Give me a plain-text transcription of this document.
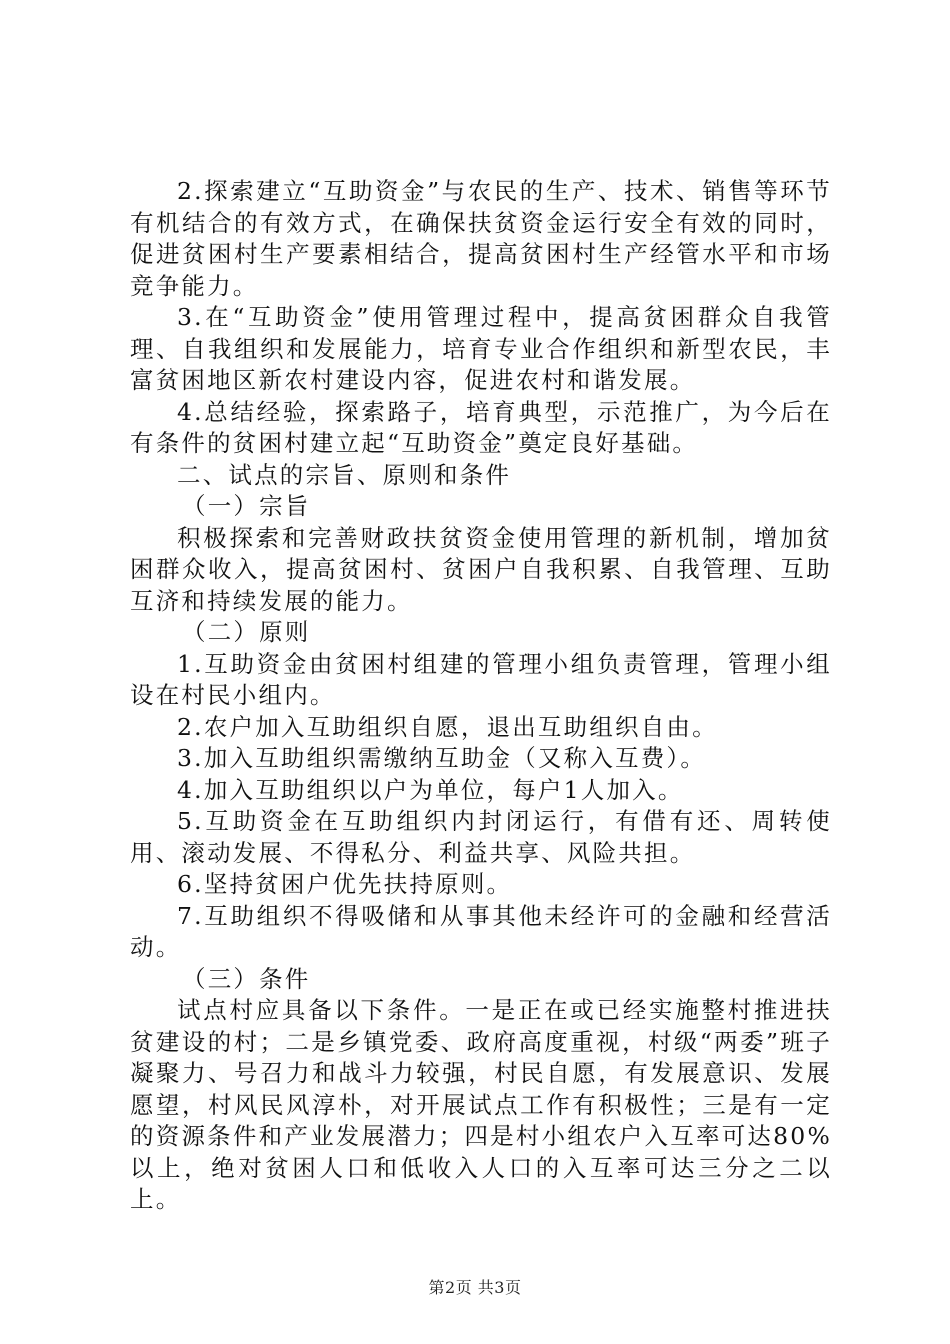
2.探索建立“互助资金”与农民的生产、技术、销售等环节有机结合的有效方式，在确保扶贫资金运行安全有效的同时，促进贫困村生产要素相结合，提高贫困村生产经管水平和市场竞争能力。

3.在“互助资金”使用管理过程中，提高贫困群众自我管理、自我组织和发展能力，培育专业合作组织和新型农民，丰富贫困地区新农村建设内容，促进农村和谐发展。

4.总结经验，探索路子，培育典型，示范推广，为今后在有条件的贫困村建立起“互助资金”奠定良好基础。

二、试点的宗旨、原则和条件

（一）宗旨

积极探索和完善财政扶贫资金使用管理的新机制，增加贫困群众收入，提高贫困村、贫困户自我积累、自我管理、互助互济和持续发展的能力。

（二）原则

1.互助资金由贫困村组建的管理小组负责管理，管理小组设在村民小组内。

2.农户加入互助组织自愿，退出互助组织自由。

3.加入互助组织需缴纳互助金（又称入互费）。

4.加入互助组织以户为单位，每户1人加入。

5.互助资金在互助组织内封闭运行，有借有还、周转使用、滚动发展、不得私分、利益共享、风险共担。

6.坚持贫困户优先扶持原则。

7.互助组织不得吸储和从事其他未经许可的金融和经营活动。

（三）条件

试点村应具备以下条件。一是正在或已经实施整村推进扶贫建设的村；二是乡镇党委、政府高度重视，村级“两委”班子凝聚力、号召力和战斗力较强，村民自愿，有发展意识、发展愿望，村风民风淳朴，对开展试点工作有积极性；三是有一定的资源条件和产业发展潜力；四是村小组农户入互率可达80%以上，绝对贫困人口和低收入人口的入互率可达三分之二以上。

第2页 共3页
